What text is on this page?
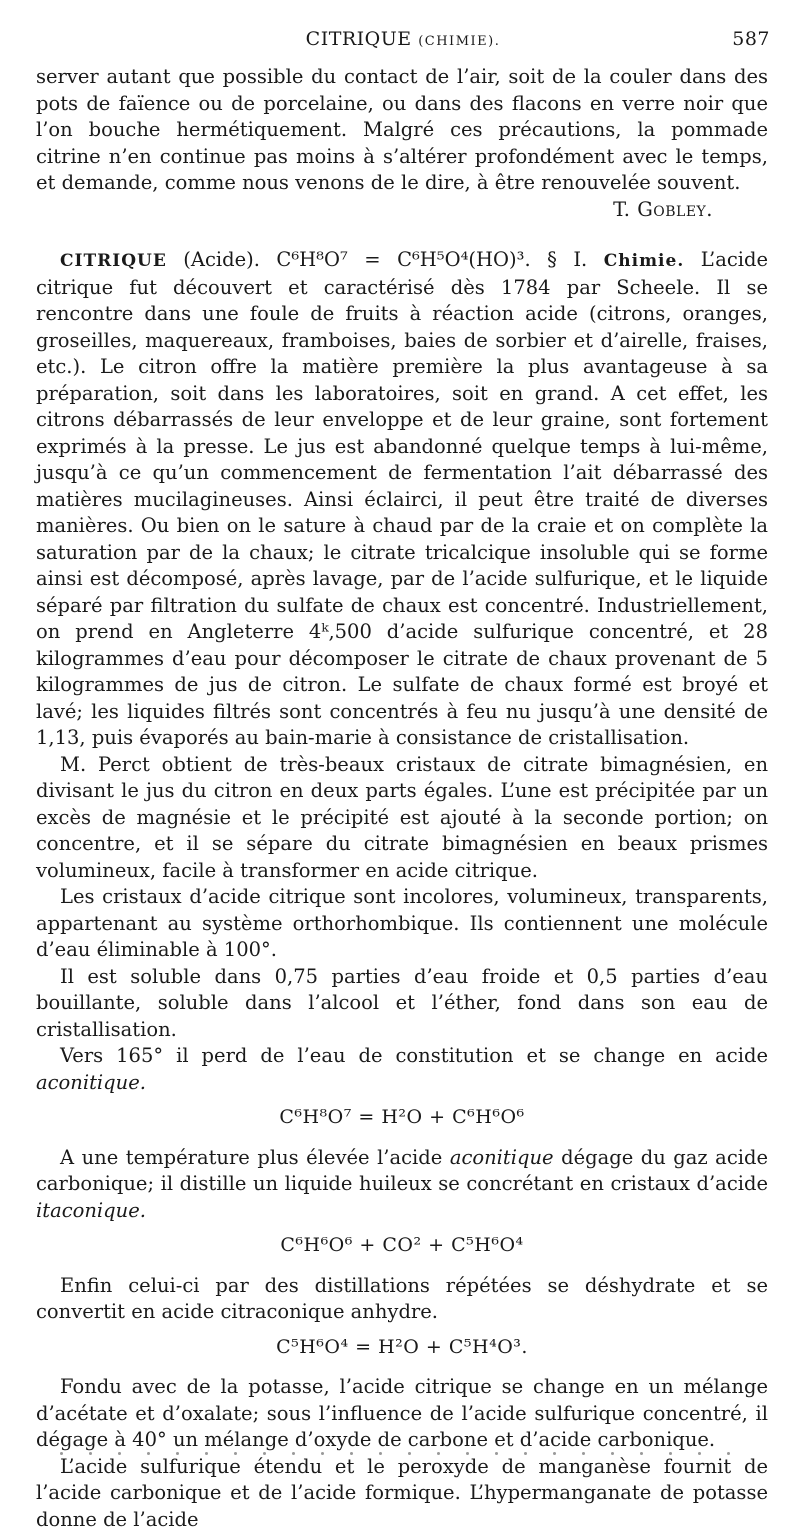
CITRIQUE (CHIMIE).	587

server autant que possible du contact de l’air, soit de la couler dans des pots de faïence ou de porcelaine, ou dans des flacons en verre noir que l’on bouche hermétiquement. Malgré ces précautions, la pommade citrine n’en continue pas moins à s’altérer profondément avec le temps, et demande, comme nous venons de le dire, à être renouvelée souvent.

T. Gobley.

CITRIQUE (Acide). C⁶H⁸O⁷ = C⁶H⁵O⁴(HO)³. § I. Chimie. L’acide citrique fut découvert et caractérisé dès 1784 par Scheele. Il se rencontre dans une foule de fruits à réaction acide (citrons, oranges, groseilles, maquereaux, framboises, baies de sorbier et d’airelle, fraises, etc.). Le citron offre la matière première la plus avantageuse à sa préparation, soit dans les laboratoires, soit en grand. A cet effet, les citrons débarrassés de leur enveloppe et de leur graine, sont fortement exprimés à la presse. Le jus est abandonné quelque temps à lui-même, jusqu’à ce qu’un commencement de fermentation l’ait débarrassé des matières mucilagineuses. Ainsi éclairci, il peut être traité de diverses manières. Ou bien on le sature à chaud par de la craie et on complète la saturation par de la chaux; le citrate tricalcique insoluble qui se forme ainsi est décomposé, après lavage, par de l’acide sulfurique, et le liquide séparé par filtration du sulfate de chaux est concentré. Industriellement, on prend en Angleterre 4ᵏ,500 d’acide sulfurique concentré, et 28 kilogrammes d’eau pour décomposer le citrate de chaux provenant de 5 kilogrammes de jus de citron. Le sulfate de chaux formé est broyé et lavé; les liquides filtrés sont concentrés à feu nu jusqu’à une densité de 1,13, puis évaporés au bain-marie à consistance de cristallisation.

M. Perct obtient de très-beaux cristaux de citrate bimagnésien, en divisant le jus du citron en deux parts égales. L’une est précipitée par un excès de magnésie et le précipité est ajouté à la seconde portion; on concentre, et il se sépare du citrate bimagnésien en beaux prismes volumineux, facile à transformer en acide citrique.

Les cristaux d’acide citrique sont incolores, volumineux, transparents, appartenant au système orthorhombique. Ils contiennent une molécule d’eau éliminable à 100°.

Il est soluble dans 0,75 parties d’eau froide et 0,5 parties d’eau bouillante, soluble dans l’alcool et l’éther, fond dans son eau de cristallisation.

Vers 165° il perd de l’eau de constitution et se change en acide aconitique.

C⁶H⁸O⁷ = H²O + C⁶H⁶O⁶

A une température plus élevée l’acide aconitique dégage du gaz acide carbonique; il distille un liquide huileux se concrétant en cristaux d’acide itaconique.

C⁶H⁶O⁶ + CO² + C⁵H⁶O⁴

Enfin celui-ci par des distillations répétées se déshydrate et se convertit en acide citraconique anhydre.

C⁵H⁶O⁴ = H²O + C⁵H⁴O³.

Fondu avec de la potasse, l’acide citrique se change en un mélange d’acétate et d’oxalate; sous l’influence de l’acide sulfurique concentré, il dégage à 40° un mélange d’oxyde de carbone et d’acide carbonique.

L’acide sulfurique étendu et le peroxyde de manganèse fournit de l’acide carbonique et de l’acide formique. L’hypermanganate de potasse donne de l’acide
